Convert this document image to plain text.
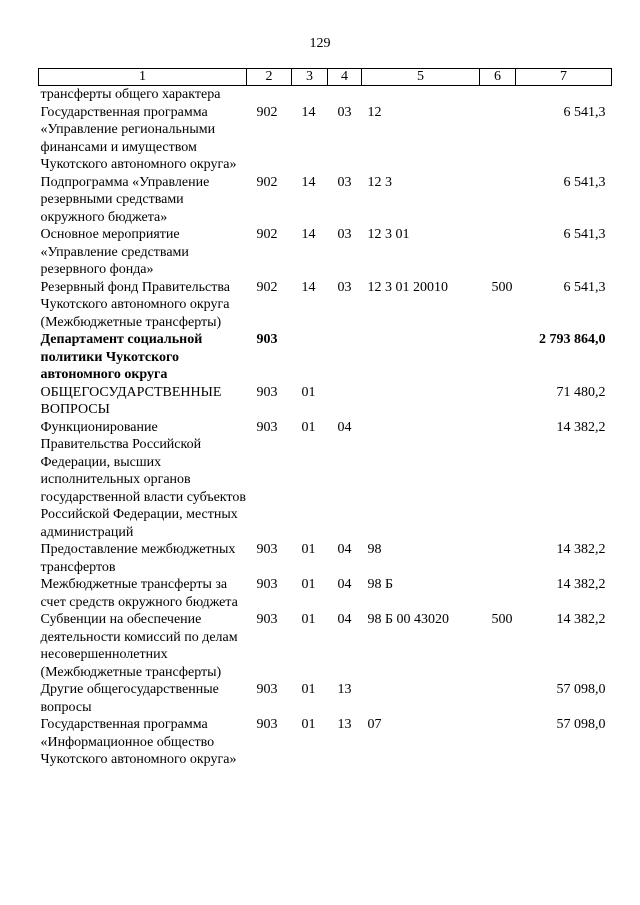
129
1	2	3	4	5	6	7
трансферты общего характера						
Государственная программа «Управление региональными финансами и имуществом Чукотского автономного округа»	902	14	03	12		6 541,3
Подпрограмма «Управление резервными средствами окружного бюджета»	902	14	03	12 3		6 541,3
Основное мероприятие «Управление средствами резервного фонда»	902	14	03	12 3 01		6 541,3
Резервный фонд Правительства Чукотского автономного округа (Межбюджетные трансферты)	902	14	03	12 3 01 20010	500	6 541,3
Департамент социальной политики Чукотского автономного округа	903					2 793 864,0
ОБЩЕГОСУДАРСТВЕННЫЕ ВОПРОСЫ	903	01				71 480,2
Функционирование Правительства Российской Федерации, высших исполнительных органов государственной власти субъектов Российской Федерации, местных администраций	903	01	04			14 382,2
Предоставление межбюджетных трансфертов	903	01	04	98		14 382,2
Межбюджетные трансферты за счет средств окружного бюджета	903	01	04	98 Б		14 382,2
Субвенции на обеспечение деятельности комиссий по делам несовершеннолетних (Межбюджетные трансферты)	903	01	04	98 Б 00 43020	500	14 382,2
Другие общегосударственные вопросы	903	01	13			57 098,0
Государственная программа «Информационное общество Чукотского автономного округа»	903	01	13	07		57 098,0
